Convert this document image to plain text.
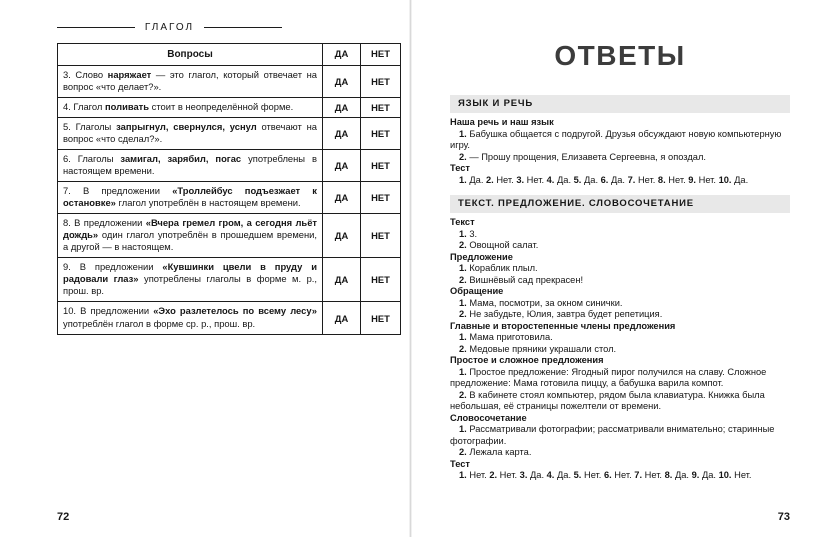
ГЛАГОЛ
Вопросы	ДА	НЕТ
3. Слово наряжает — это глагол, который отвечает на вопрос «что делает?».	ДА	НЕТ
4. Глагол поливать стоит в неопределённой форме.	ДА	НЕТ
5. Глаголы запрыгнул, свернулся, уснул отвечают на вопрос «что сделал?».	ДА	НЕТ
6. Глаголы замигал, зарябил, погас употреблены в настоящем времени.	ДА	НЕТ
7. В предложении «Троллейбус подъезжает к остановке» глагол употреблён в настоящем времени.	ДА	НЕТ
8. В предложении «Вчера гремел гром, а сегодня льёт дождь» один глагол употреблён в прошедшем времени, а другой — в настоящем.	ДА	НЕТ
9. В предложении «Кувшинки цвели в пруду и радовали глаз» употреблены глаголы в форме м. р., прош. вр.	ДА	НЕТ
10. В предложении «Эхо разлетелось по всему лесу» употреблён глагол в форме ср. р., прош. вр.	ДА	НЕТ
72
ОТВЕТЫ
ЯЗЫК И РЕЧЬ
Наша речь и наш язык
1. Бабушка общается с подругой. Друзья обсуждают новую компьютерную игру.
2. — Прошу прощения, Елизавета Сергеевна, я опоздал.
Тест
1. Да. 2. Нет. 3. Нет. 4. Да. 5. Да. 6. Да. 7. Нет. 8. Нет. 9. Нет. 10. Да.
ТЕКСТ. ПРЕДЛОЖЕНИЕ. СЛОВОСОЧЕТАНИЕ
Текст
1. 3.
2. Овощной салат.
Предложение
1. Кораблик плыл.
2. Вишнёвый сад прекрасен!
Обращение
1. Мама, посмотри, за окном синички.
2. Не забудьте, Юлия, завтра будет репетиция.
Главные и второстепенные члены предложения
1. Мама приготовила.
2. Медовые пряники украшали стол.
Простое и сложное предложения
1. Простое предложение: Ягодный пирог получился на славу. Сложное предложение: Мама готовила пиццу, а бабушка варила компот.
2. В кабинете стоял компьютер, рядом была клавиатура. Книжка была небольшая, её страницы пожелтели от времени.
Словосочетание
1. Рассматривали фотографии; рассматривали внимательно; старинные фотографии.
2. Лежала карта.
Тест
1. Нет. 2. Нет. 3. Да. 4. Да. 5. Нет. 6. Нет. 7. Нет. 8. Да. 9. Да. 10. Нет.
73
